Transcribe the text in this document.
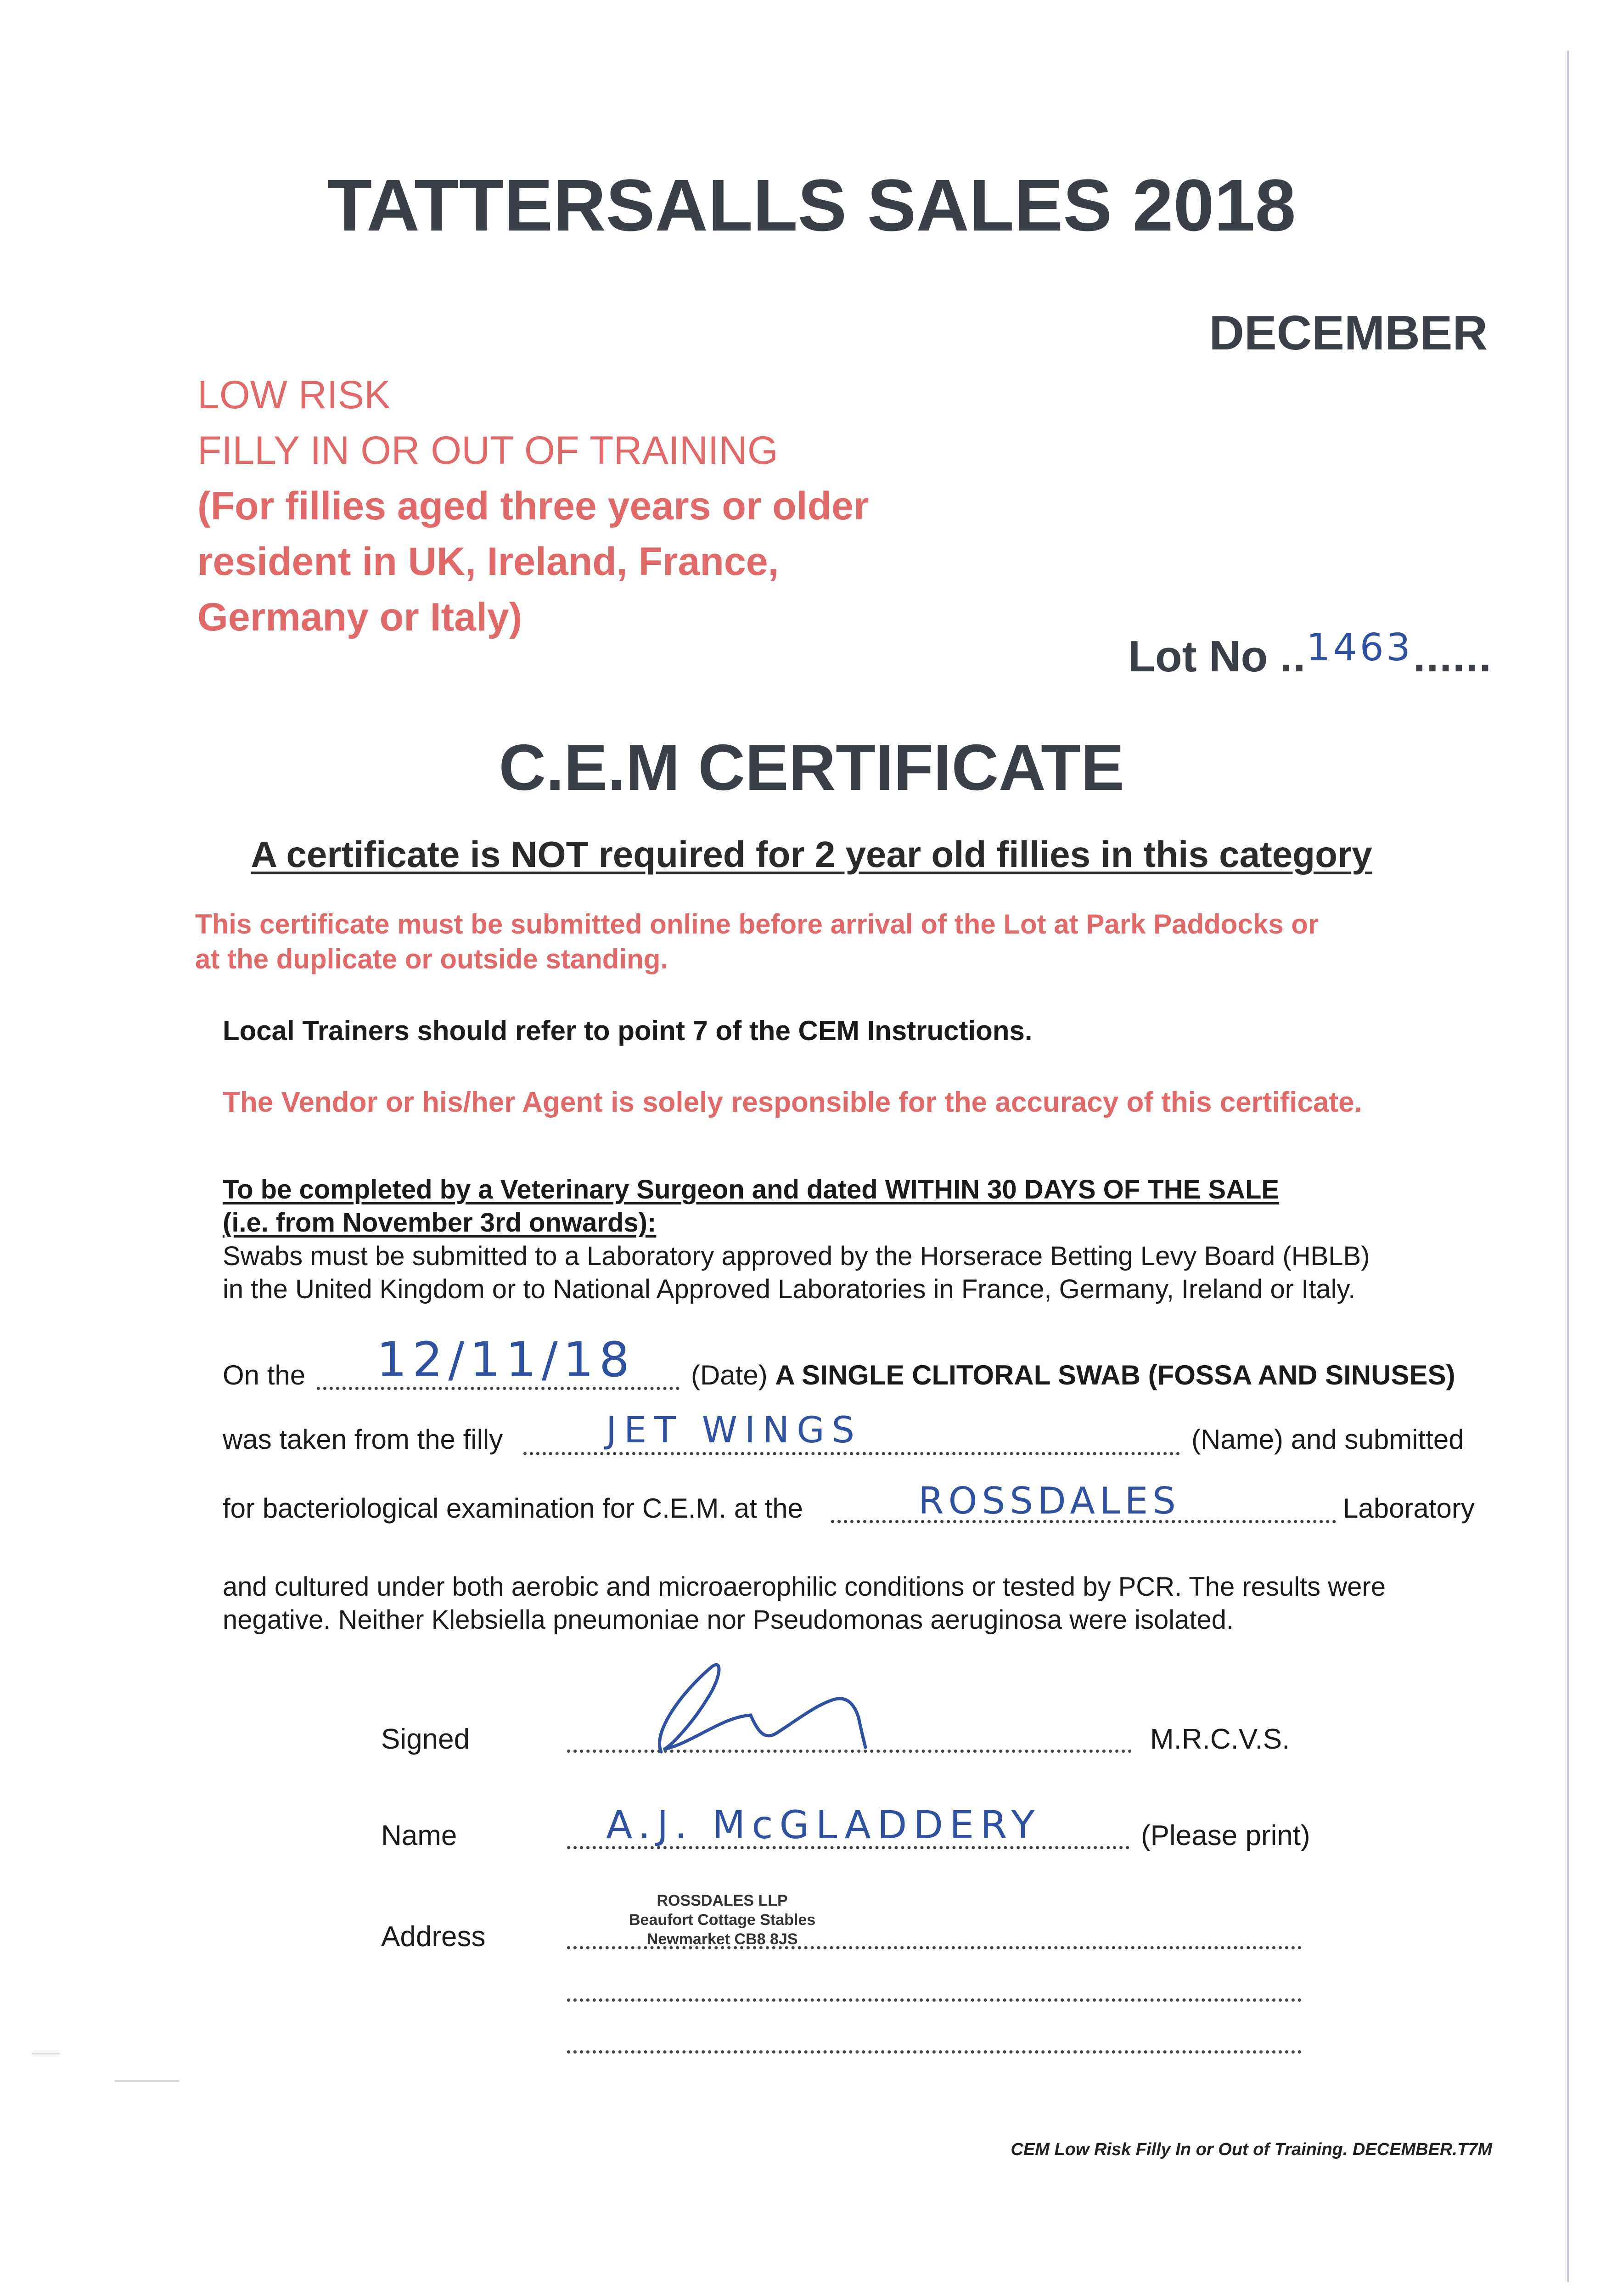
TATTERSALLS SALES 2018
DECEMBER
LOW RISK
FILLY IN OR OUT OF TRAINING
(For fillies aged three years or older
resident in UK, Ireland, France,
Germany or Italy)
Lot No ..1463......
C.E.M CERTIFICATE
A certificate is NOT required for 2 year old fillies in this category
This certificate must be submitted online before arrival of the Lot at Park Paddocks or
at the duplicate or outside standing.
Local Trainers should refer to point 7 of the CEM Instructions.
The Vendor or his/her Agent is solely responsible for the accuracy of this certificate.
To be completed by a Veterinary Surgeon and dated WITHIN 30 DAYS OF THE SALE
(i.e. from November 3rd onwards):
Swabs must be submitted to a Laboratory approved by the Horserace Betting Levy Board (HBLB)
in the United Kingdom or to National Approved Laboratories in France, Germany, Ireland or Italy.
On the 12/11/18 (Date) A SINGLE CLITORAL SWAB (FOSSA AND SINUSES)
was taken from the filly	JET WINGS	(Name) and submitted
for bacteriological examination for C.E.M. at the	ROSSDALES	Laboratory
and cultured under both aerobic and microaerophilic conditions or tested by PCR. The results were
negative. Neither Klebsiella pneumoniae nor Pseudomonas aeruginosa were isolated.
Signed	M.R.C.V.S.
Name	A.J. McGLADDERY	(Please print)
Address
ROSSDALES LLP
Beaufort Cottage Stables
Newmarket CB8 8JS
CEM Low Risk Filly In or Out of Training. DECEMBER.T7M
